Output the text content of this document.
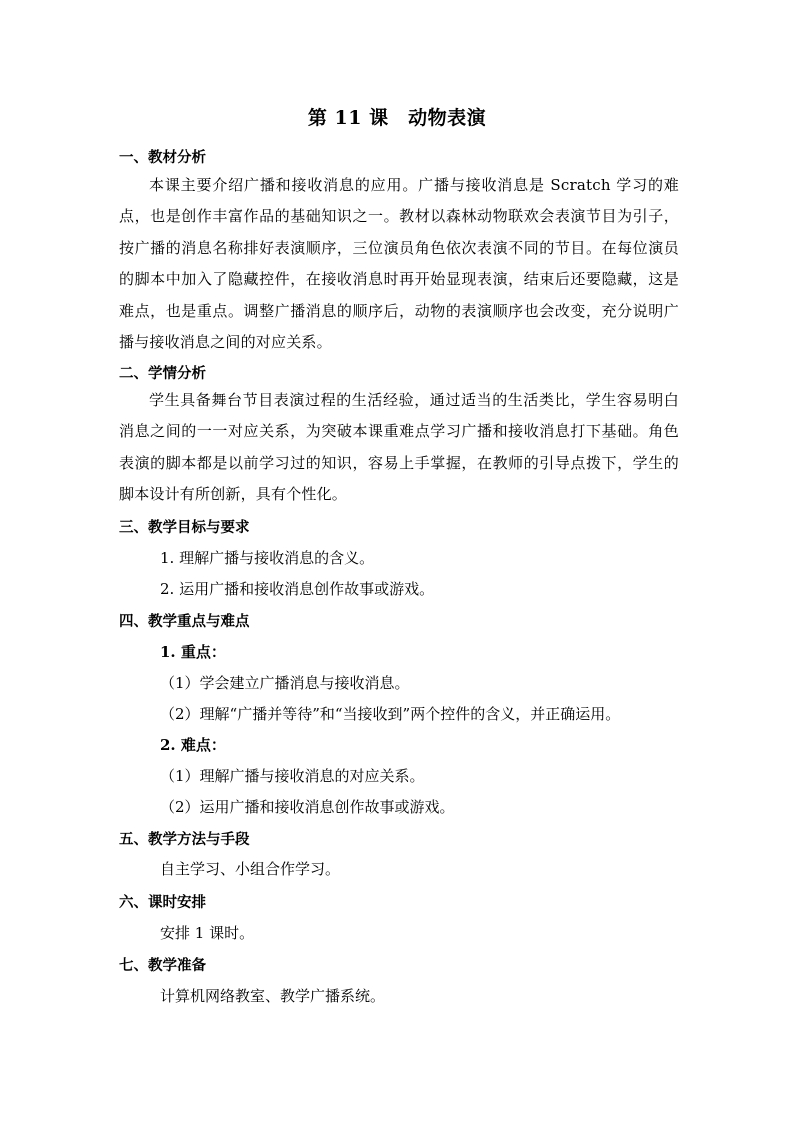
第 11 课　动物表演
一、教材分析
本课主要介绍广播和接收消息的应用。广播与接收消息是 Scratch 学习的难点，也是创作丰富作品的基础知识之一。教材以森林动物联欢会表演节目为引子，按广播的消息名称排好表演顺序，三位演员角色依次表演不同的节目。在每位演员的脚本中加入了隐藏控件，在接收消息时再开始显现表演，结束后还要隐藏，这是难点，也是重点。调整广播消息的顺序后，动物的表演顺序也会改变，充分说明广播与接收消息之间的对应关系。
二、学情分析
学生具备舞台节目表演过程的生活经验，通过适当的生活类比，学生容易明白消息之间的一一对应关系，为突破本课重难点学习广播和接收消息打下基础。角色表演的脚本都是以前学习过的知识，容易上手掌握，在教师的引导点拨下，学生的脚本设计有所创新，具有个性化。
三、教学目标与要求
1. 理解广播与接收消息的含义。
2. 运用广播和接收消息创作故事或游戏。
四、教学重点与难点
1. 重点：
（1）学会建立广播消息与接收消息。
（2）理解“广播并等待”和“当接收到”两个控件的含义，并正确运用。
2. 难点：
（1）理解广播与接收消息的对应关系。
（2）运用广播和接收消息创作故事或游戏。
五、教学方法与手段
自主学习、小组合作学习。
六、课时安排
安排 1 课时。
七、教学准备
计算机网络教室、教学广播系统。
